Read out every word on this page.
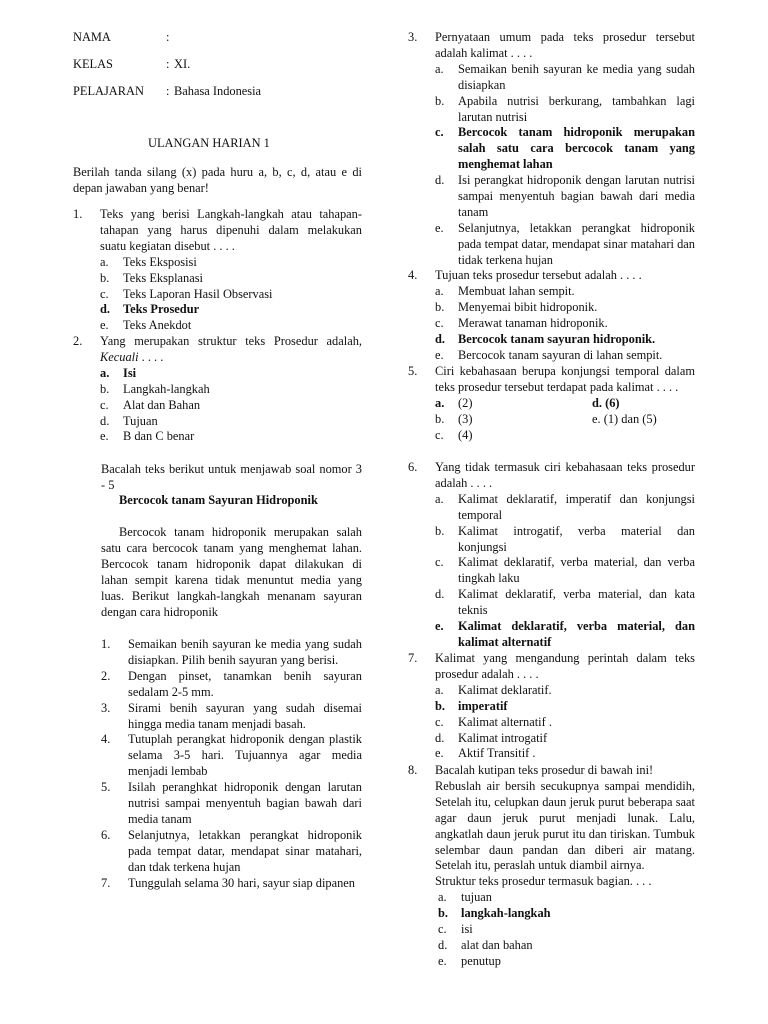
NAMA	:
KELAS	: XI.
PELAJARAN : Bahasa Indonesia
ULANGAN HARIAN 1
Berilah tanda silang (x) pada huru a, b, c, d, atau e di depan jawaban yang benar!
1. Teks yang berisi Langkah-langkah atau tahapan-tahapan yang harus dipenuhi dalam melakukan suatu kegiatan disebut . . . .
a. Teks Eksposisi
b. Teks Eksplanasi
c. Teks Laporan Hasil Observasi
d. Teks Prosedur
e. Teks Anekdot
2. Yang merupakan struktur teks Prosedur adalah, Kecuali . . . .
a. Isi
b. Langkah-langkah
c. Alat dan Bahan
d. Tujuan
e. B dan C benar
Bacalah teks berikut untuk menjawab soal nomor 3 - 5
Bercocok tanam Sayuran Hidroponik
Bercocok tanam hidroponik merupakan salah satu cara bercocok tanam yang menghemat lahan. Bercocok tanam hidroponik dapat dilakukan di lahan sempit karena tidak menuntut media yang luas. Berikut langkah-langkah menanam sayuran dengan cara hidroponik
1. Semaikan benih sayuran ke media yang sudah disiapkan. Pilih benih sayuran yang berisi.
2. Dengan pinset, tanamkan benih sayuran sedalam 2-5 mm.
3. Sirami benih sayuran yang sudah disemai hingga media tanam menjadi basah.
4. Tutuplah perangkat hidroponik dengan plastik selama 3-5 hari. Tujuannya agar media menjadi lembab
5. Isilah peranghkat hidroponik dengan larutan nutrisi sampai menyentuh bagian bawah dari media tanam
6. Selanjutnya, letakkan perangkat hidroponik pada tempat datar, mendapat sinar matahari, dan tdak terkena hujan
7. Tunggulah selama 30 hari, sayur siap dipanen
3. Pernyataan umum pada teks prosedur tersebut adalah kalimat . . . .
a. Semaikan benih sayuran ke media yang sudah disiapkan
b. Apabila nutrisi berkurang, tambahkan lagi larutan nutrisi
c. Bercocok tanam hidroponik merupakan salah satu cara bercocok tanam yang menghemat lahan
d. Isi perangkat hidroponik dengan larutan nutrisi sampai menyentuh bagian bawah dari media tanam
e. Selanjutnya, letakkan perangkat hidroponik pada tempat datar, mendapat sinar matahari dan tidak terkena hujan
4. Tujuan teks prosedur tersebut adalah . . . .
a. Membuat lahan sempit.
b. Menyemai bibit hidroponik.
c. Merawat tanaman hidroponik.
d. Bercocok tanam sayuran hidroponik.
e. Bercocok tanam sayuran di lahan sempit.
5. Ciri kebahasaan berupa konjungsi temporal dalam teks prosedur tersebut terdapat pada kalimat . . . .
a. (2)	d. (6)
b. (3)	e. (1) dan (5)
c. (4)
6. Yang tidak termasuk ciri kebahasaan teks prosedur adalah . . . .
a. Kalimat deklaratif, imperatif dan konjungsi temporal
b. Kalimat introgatif, verba material dan konjungsi
c. Kalimat deklaratif, verba material, dan verba tingkah laku
d. Kalimat deklaratif, verba material, dan kata teknis
e. Kalimat deklaratif, verba material, dan kalimat alternatif
7. Kalimat yang mengandung perintah dalam teks prosedur adalah . . . .
a. Kalimat deklaratif.
b. imperatif
c. Kalimat alternatif .
d. Kalimat introgatif
e. Aktif Transitif .
8. Bacalah kutipan teks prosedur di bawah ini!
Rebuslah air bersih secukupnya sampai mendidih, Setelah itu, celupkan daun jeruk purut beberapa saat agar daun jeruk purut menjadi lunak. Lalu, angkatlah daun jeruk purut itu dan tiriskan. Tumbuk selembar daun pandan dan diberi air matang. Setelah itu, peraslah untuk diambil airnya.
Struktur teks prosedur termasuk bagian. . . .
a. tujuan
b. langkah-langkah
c. isi
d. alat dan bahan
e. penutup
